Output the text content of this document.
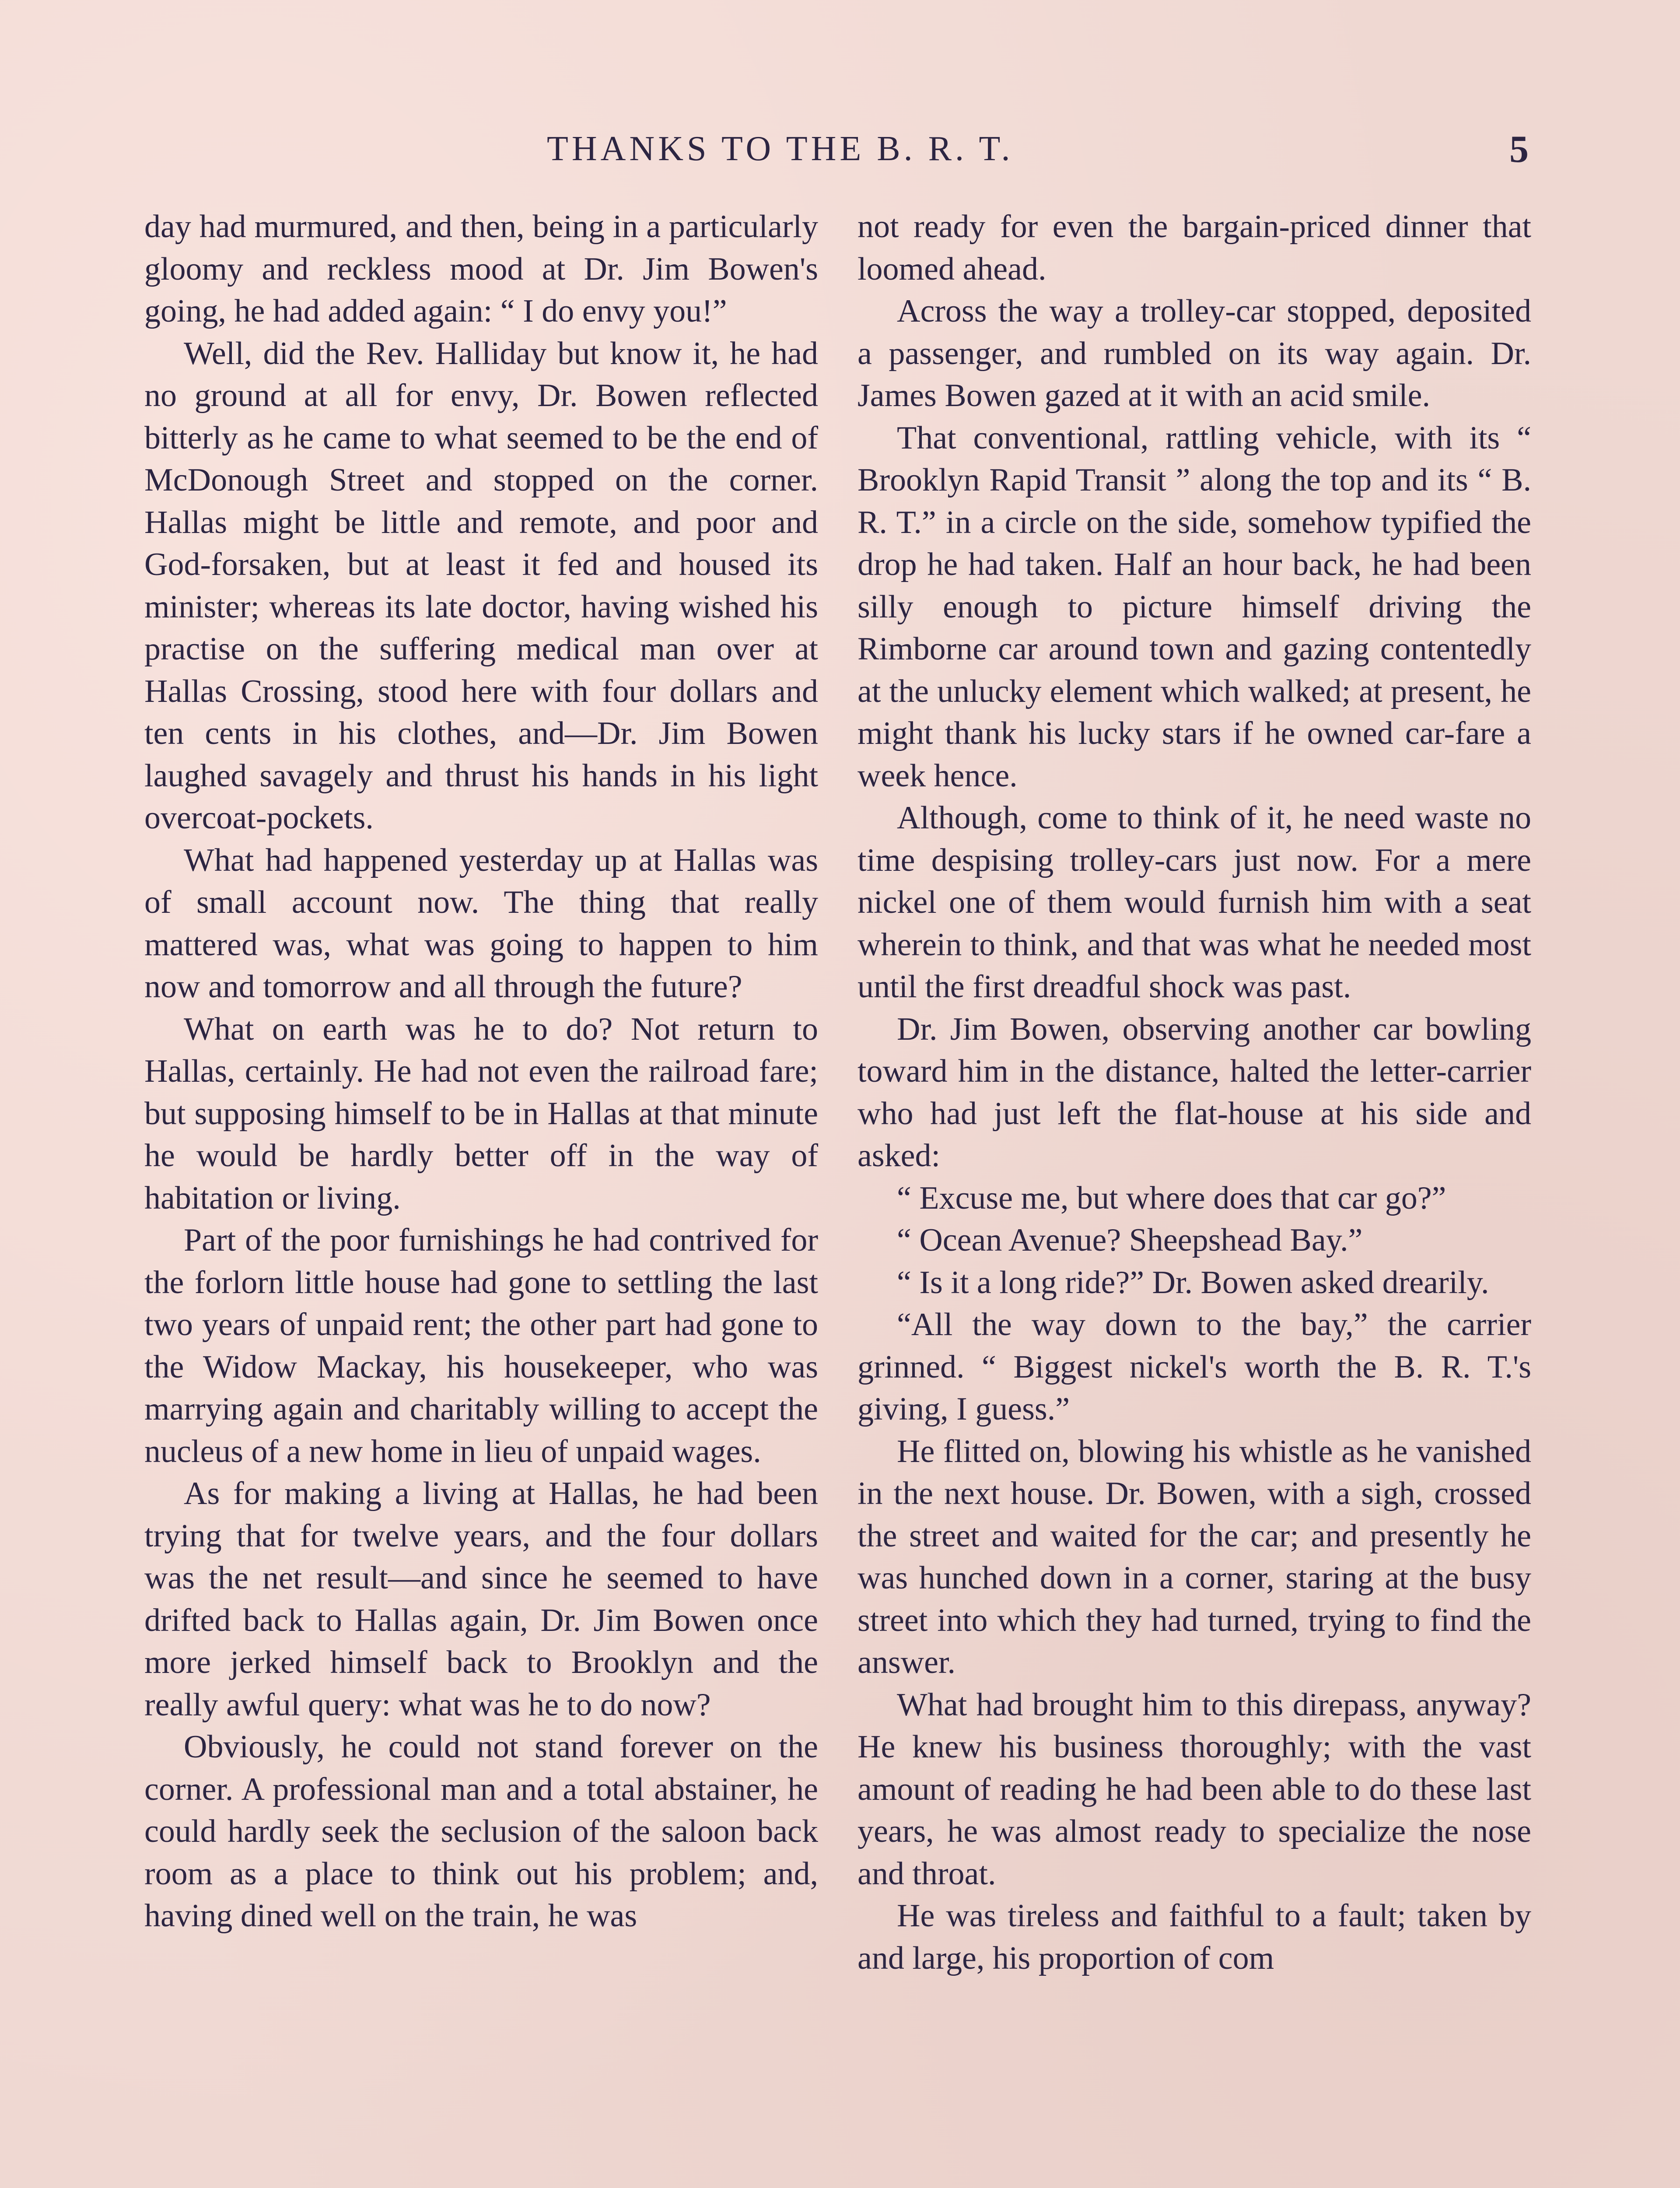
THANKS TO THE B. R. T.	5

day had murmured, and then, being in a particularly gloomy and reckless mood at Dr. Jim Bowen's going, he had added again: “ I do envy you!”

Well, did the Rev. Halliday but know it, he had no ground at all for envy, Dr. Bowen reflected bitterly as he came to what seemed to be the end of McDonough Street and stopped on the corner. Hallas might be little and remote, and poor and God-forsaken, but at least it fed and housed its minister; whereas its late doctor, having wished his practise on the suffering medical man over at Hallas Crossing, stood here with four dollars and ten cents in his clothes, and—Dr. Jim Bowen laughed savagely and thrust his hands in his light overcoat-pockets.

What had happened yesterday up at Hallas was of small account now. The thing that really mattered was, what was going to happen to him now and tomorrow and all through the future?

What on earth was he to do? Not return to Hallas, certainly. He had not even the railroad fare; but supposing himself to be in Hallas at that minute he would be hardly better off in the way of habitation or living.

Part of the poor furnishings he had contrived for the forlorn little house had gone to settling the last two years of unpaid rent; the other part had gone to the Widow Mackay, his housekeeper, who was marrying again and charitably willing to accept the nucleus of a new home in lieu of unpaid wages.

As for making a living at Hallas, he had been trying that for twelve years, and the four dollars was the net result—and since he seemed to have drifted back to Hallas again, Dr. Jim Bowen once more jerked himself back to Brooklyn and the really awful query: what was he to do now?

Obviously, he could not stand forever on the corner. A professional man and a total abstainer, he could hardly seek the seclusion of the saloon back room as a place to think out his problem; and, having dined well on the train, he was

not ready for even the bargain-priced dinner that loomed ahead.

Across the way a trolley-car stopped, deposited a passenger, and rumbled on its way again. Dr. James Bowen gazed at it with an acid smile.

That conventional, rattling vehicle, with its “ Brooklyn Rapid Transit ” along the top and its “ B. R. T.” in a circle on the side, somehow typified the drop he had taken. Half an hour back, he had been silly enough to picture himself driving the Rimborne car around town and gazing contentedly at the unlucky element which walked; at present, he might thank his lucky stars if he owned car-fare a week hence.

Although, come to think of it, he need waste no time despising trolley-cars just now. For a mere nickel one of them would furnish him with a seat wherein to think, and that was what he needed most until the first dreadful shock was past.

Dr. Jim Bowen, observing another car bowling toward him in the distance, halted the letter-carrier who had just left the flat-house at his side and asked:

“ Excuse me, but where does that car go?”

“ Ocean Avenue? Sheepshead Bay.”

“ Is it a long ride?” Dr. Bowen asked drearily.

“All the way down to the bay,” the carrier grinned. “ Biggest nickel's worth the B. R. T.'s giving, I guess.”

He flitted on, blowing his whistle as he vanished in the next house. Dr. Bowen, with a sigh, crossed the street and waited for the car; and presently he was hunched down in a corner, staring at the busy street into which they had turned, trying to find the answer.

What had brought him to this direpass, anyway? He knew his business thoroughly; with the vast amount of reading he had been able to do these last years, he was almost ready to specialize the nose and throat.

He was tireless and faithful to a fault; taken by and large, his proportion of com
